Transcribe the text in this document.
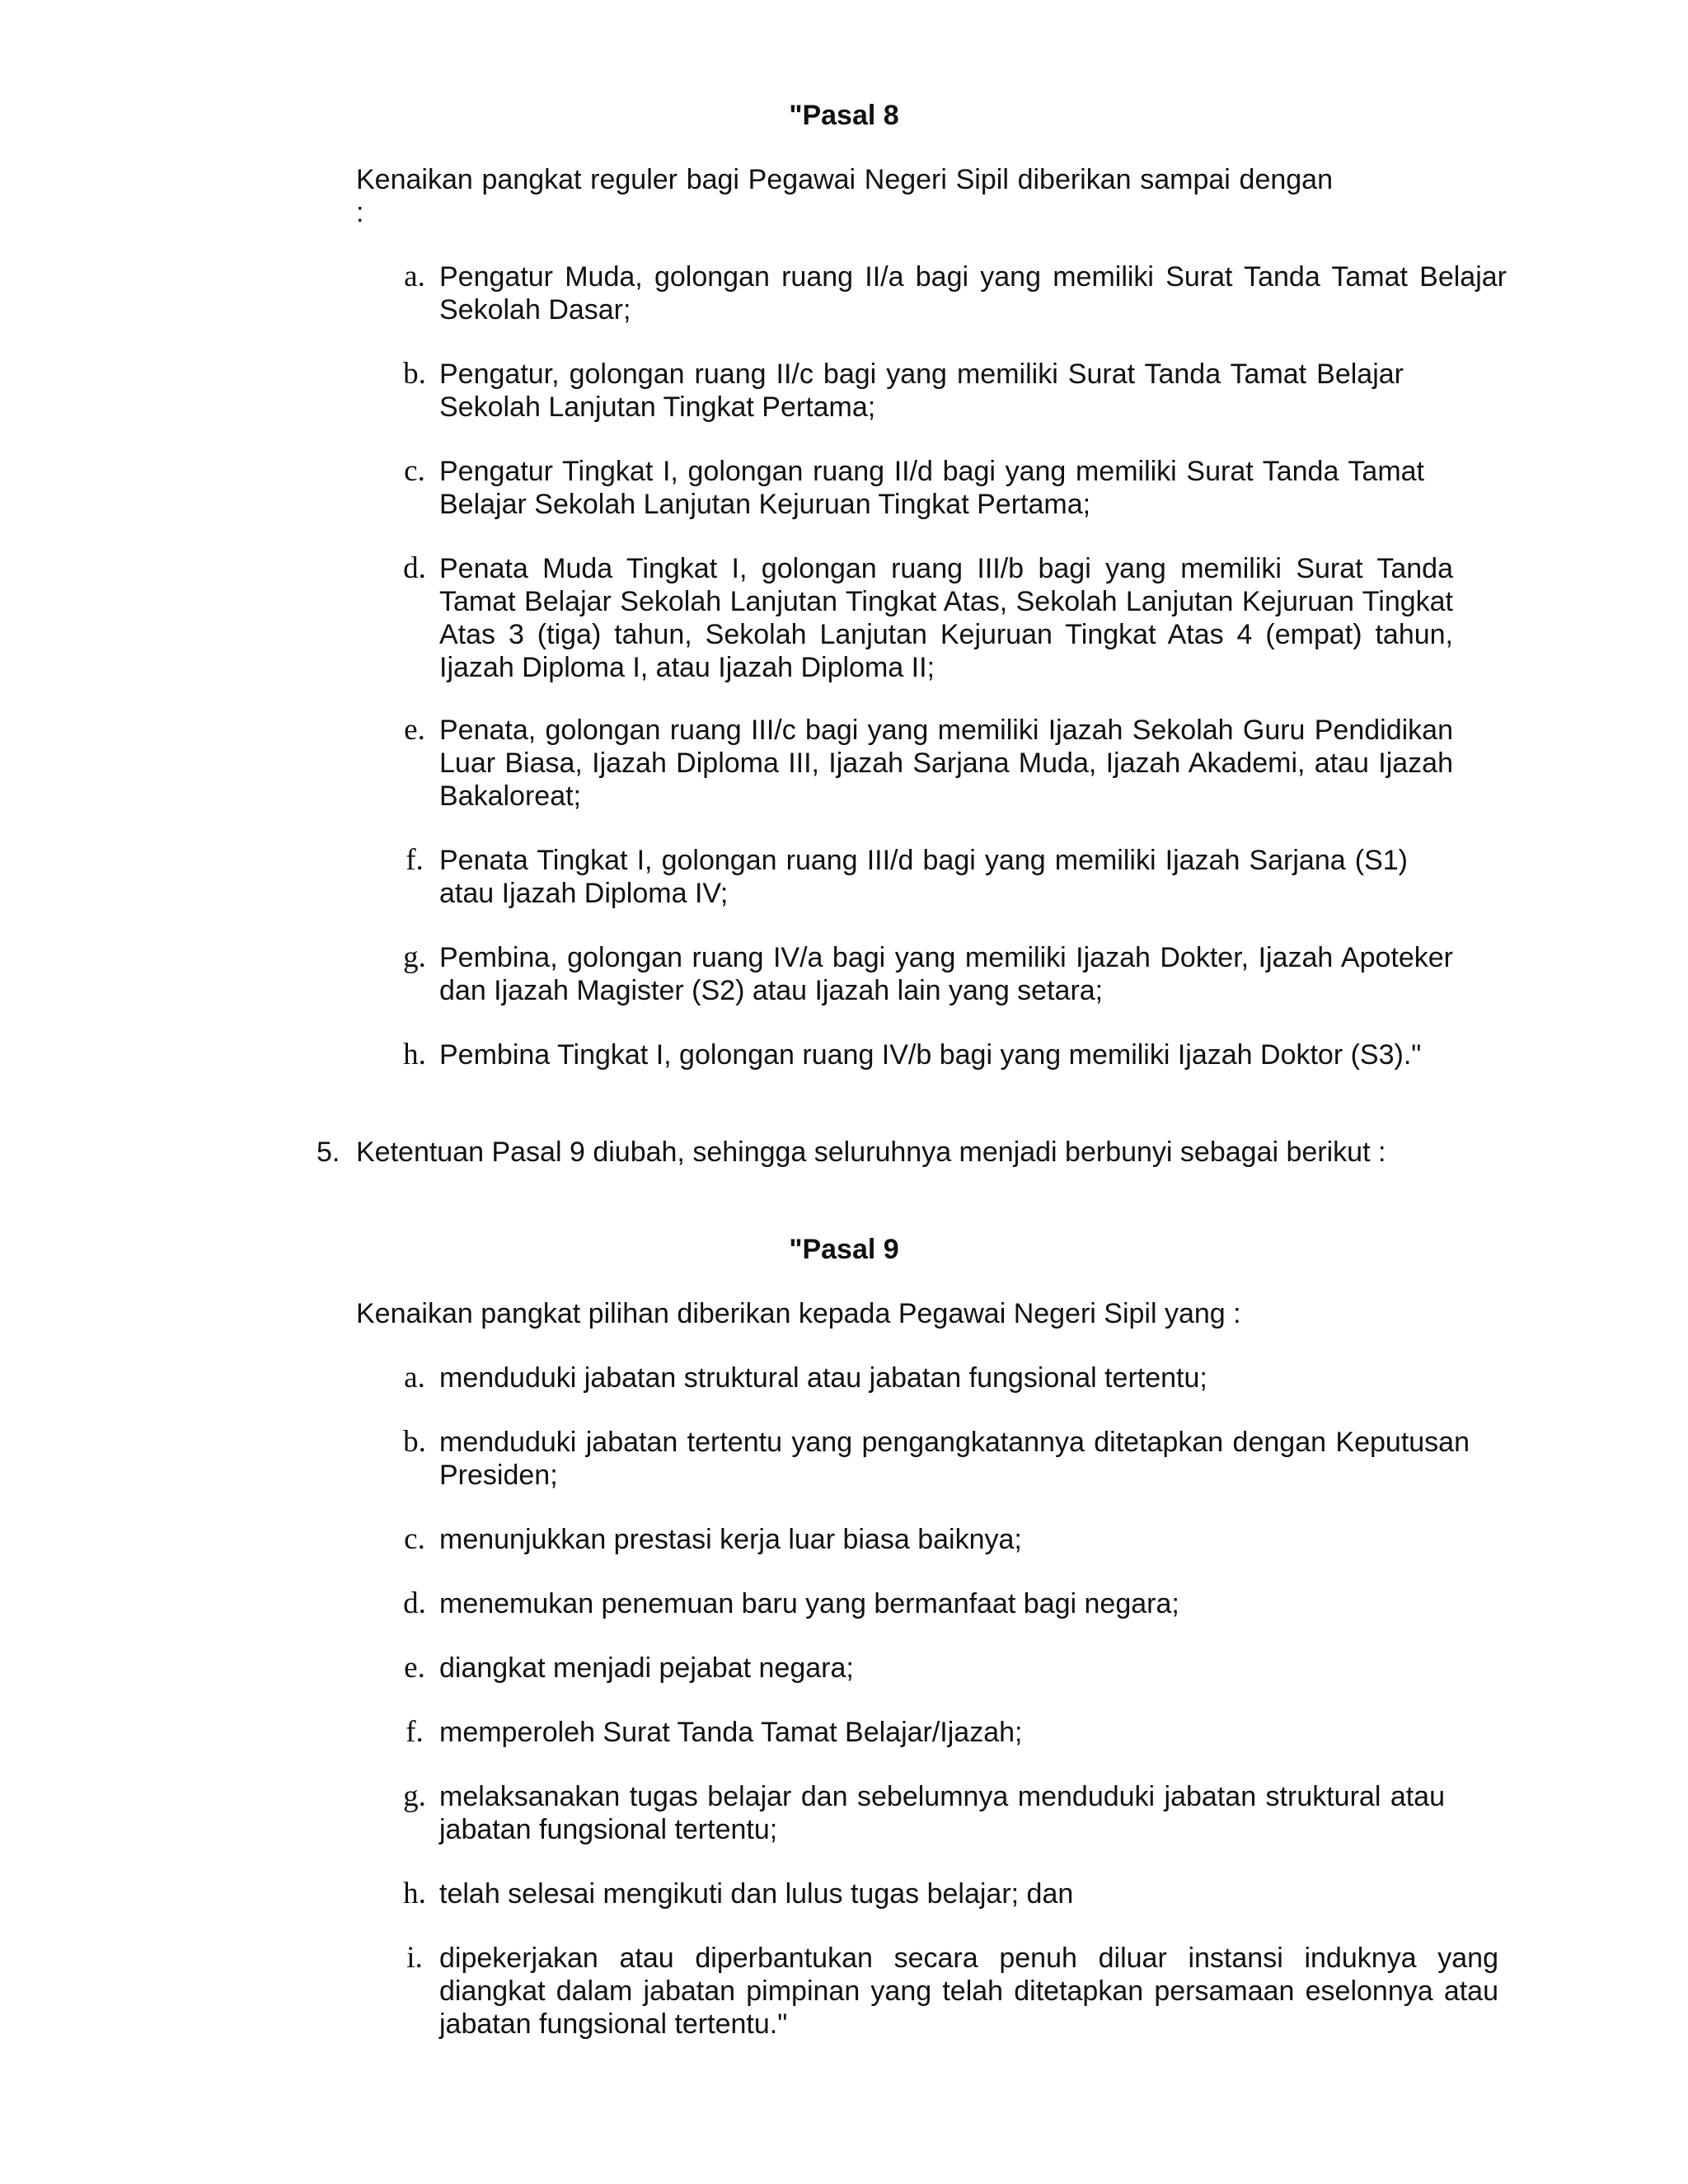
"Pasal 8
Kenaikan pangkat reguler bagi Pegawai Negeri Sipil diberikan sampai dengan :
a. Pengatur Muda, golongan ruang II/a bagi yang memiliki Surat Tanda Tamat Belajar Sekolah Dasar;
b. Pengatur, golongan ruang II/c bagi yang memiliki Surat Tanda Tamat Belajar Sekolah Lanjutan Tingkat Pertama;
c. Pengatur Tingkat I, golongan ruang II/d bagi yang memiliki Surat Tanda Tamat Belajar Sekolah Lanjutan Kejuruan Tingkat Pertama;
d. Penata Muda Tingkat I, golongan ruang III/b bagi yang memiliki Surat Tanda Tamat Belajar Sekolah Lanjutan Tingkat Atas, Sekolah Lanjutan Kejuruan Tingkat Atas 3 (tiga) tahun, Sekolah Lanjutan Kejuruan Tingkat Atas 4 (empat) tahun, Ijazah Diploma I, atau Ijazah Diploma II;
e. Penata, golongan ruang III/c bagi yang memiliki Ijazah Sekolah Guru Pendidikan Luar Biasa, Ijazah Diploma III, Ijazah Sarjana Muda, Ijazah Akademi, atau Ijazah Bakaloreat;
f. Penata Tingkat I, golongan ruang III/d bagi yang memiliki Ijazah Sarjana (S1) atau Ijazah Diploma IV;
g. Pembina, golongan ruang IV/a bagi yang memiliki Ijazah Dokter, Ijazah Apoteker dan Ijazah Magister (S2) atau Ijazah lain yang setara;
h. Pembina Tingkat I, golongan ruang IV/b bagi yang memiliki Ijazah Doktor (S3)."
5. Ketentuan Pasal 9 diubah, sehingga seluruhnya menjadi berbunyi sebagai berikut :
"Pasal 9
Kenaikan pangkat pilihan diberikan kepada Pegawai Negeri Sipil yang :
a. menduduki jabatan struktural atau jabatan fungsional tertentu;
b. menduduki jabatan tertentu yang pengangkatannya ditetapkan dengan Keputusan Presiden;
c. menunjukkan prestasi kerja luar biasa baiknya;
d. menemukan penemuan baru yang bermanfaat bagi negara;
e. diangkat menjadi pejabat negara;
f. memperoleh Surat Tanda Tamat Belajar/Ijazah;
g. melaksanakan tugas belajar dan sebelumnya menduduki jabatan struktural atau jabatan fungsional tertentu;
h. telah selesai mengikuti dan lulus tugas belajar; dan
i. dipekerjakan atau diperbantukan secara penuh diluar instansi induknya yang diangkat dalam jabatan pimpinan yang telah ditetapkan persamaan eselonnya atau jabatan fungsional tertentu."
